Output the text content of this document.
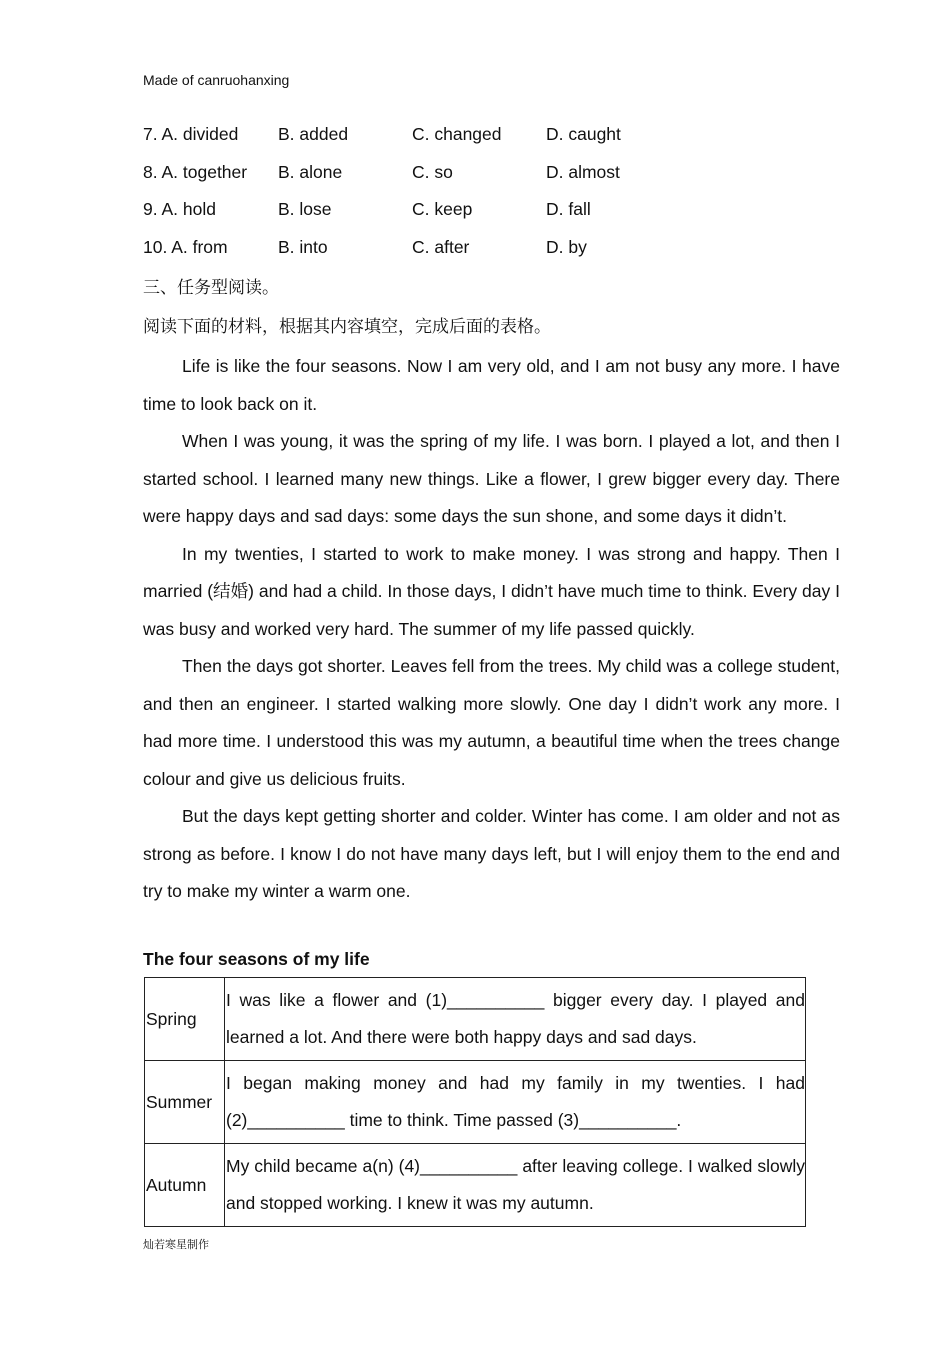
Made of canruohanxing
7. A. divided B. added	C. changed	D. caught
8. A. together B. alone	C. so	D. almost
9. A. hold	B. lose	C. keep	D. fall
10. A. from	B. into	C. after	D. by
三、任务型阅读。
阅读下面的材料，根据其内容填空，完成后面的表格。

Life is like the four seasons. Now I am very old, and I am not busy any more. I have time to look back on it.

When I was young, it was the spring of my life. I was born. I played a lot, and then I started school. I learned many new things. Like a flower, I grew bigger every day. There were happy days and sad days: some days the sun shone, and some days it didn’t.

In my twenties, I started to work to make money. I was strong and happy. Then I married (结婚) and had a child. In those days, I didn’t have much time to think. Every day I was busy and worked very hard. The summer of my life passed quickly.

Then the days got shorter. Leaves fell from the trees. My child was a college student, and then an engineer. I started walking more slowly. One day I didn’t work any more. I had more time. I understood this was my autumn, a beautiful time when the trees change colour and give us delicious fruits.

But the days kept getting shorter and colder. Winter has come. I am older and not as strong as before. I know I do not have many days left, but I will enjoy them to the end and try to make my winter a warm one.

The four seasons of my life
Spring	I was like a flower and (1)__________ bigger every day. I played and learned a lot. And there were both happy days and sad days.
Summer	I began making money and had my family in my twenties. I had (2)__________ time to think. Time passed (3)__________.
Autumn	My child became a(n) (4)__________ after leaving college. I walked slowly and stopped working. I knew it was my autumn.
灿若寒星制作
